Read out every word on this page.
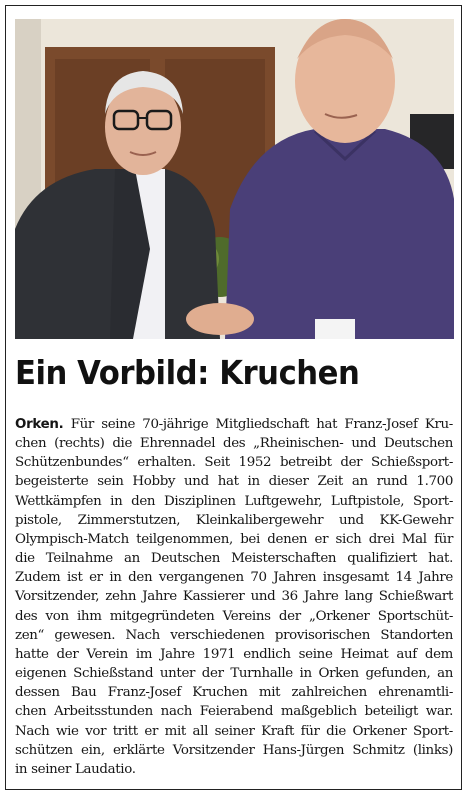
Ein Vorbild: Kruchen
Orken. Für seine 70-jährige Mitgliedschaft hat Franz-Josef Kru-
chen (rechts) die Ehrennadel des „Rheinischen- und Deutschen
Schützenbundes“ erhalten. Seit 1952 betreibt der Schießsport-
begeisterte sein Hobby und hat in dieser Zeit an rund 1.700
Wettkämpfen in den Disziplinen Luftgewehr, Luftpistole, Sport-
pistole, Zimmerstutzen, Kleinkalibergewehr und KK-Gewehr
Olympisch-Match teilgenommen, bei denen er sich drei Mal für
die Teilnahme an Deutschen Meisterschaften qualifiziert hat.
Zudem ist er in den vergangenen 70 Jahren insgesamt 14 Jahre
Vorsitzender, zehn Jahre Kassierer und 36 Jahre lang Schießwart
des von ihm mitgegründeten Vereins der „Orkener Sportschüt-
zen“ gewesen. Nach verschiedenen provisorischen Standorten
hatte der Verein im Jahre 1971 endlich seine Heimat auf dem
eigenen Schießstand unter der Turnhalle in Orken gefunden, an
dessen Bau Franz-Josef Kruchen mit zahlreichen ehrenamtli-
chen Arbeitsstunden nach Feierabend maßgeblich beteiligt war.
Nach wie vor tritt er mit all seiner Kraft für die Orkener Sport-
schützen ein, erklärte Vorsitzender Hans-Jürgen Schmitz (links)
in seiner Laudatio.
